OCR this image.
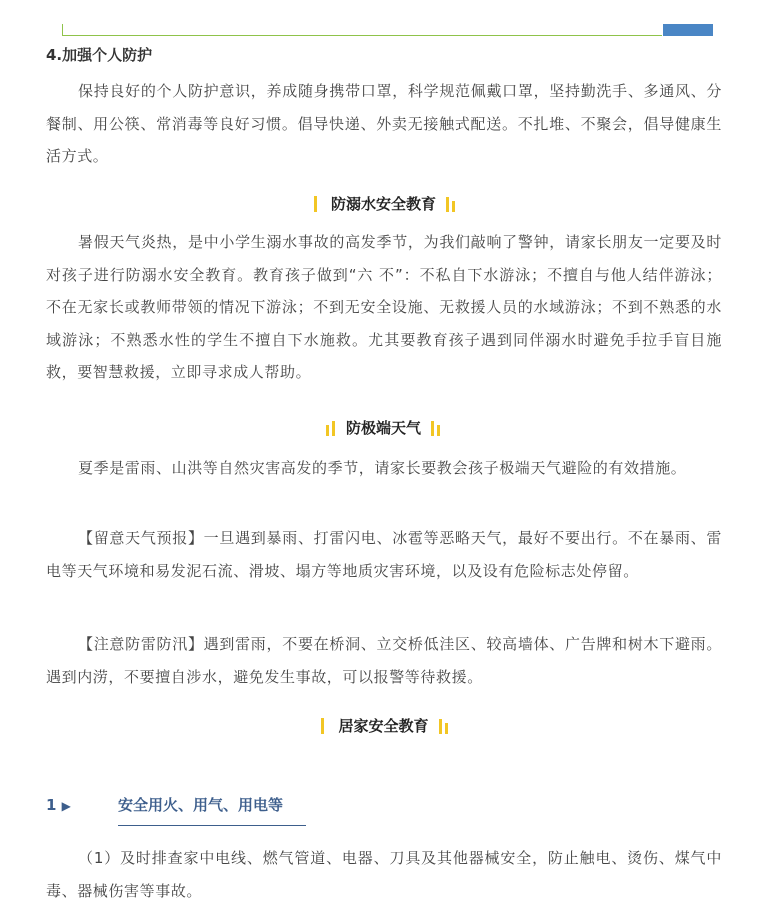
4.加强个人防护
保持良好的个人防护意识，养成随身携带口罩，科学规范佩戴口罩，坚持勤洗手、多通风、分餐制、用公筷、常消毒等良好习惯。倡导快递、外卖无接触式配送。不扎堆、不聚会，倡导健康生活方式。
防溺水安全教育
暑假天气炎热，是中小学生溺水事故的高发季节，为我们敲响了警钟，请家长朋友一定要及时对孩子进行防溺水安全教育。教育孩子做到“六 不”：不私自下水游泳；不擅自与他人结伴游泳；不在无家长或教师带领的情况下游泳；不到无安全设施、无救援人员的水域游泳；不到不熟悉的水域游泳；不熟悉水性的学生不擅自下水施救。尤其要教育孩子遇到同伴溺水时避免手拉手盲目施救，要智慧救援，立即寻求成人帮助。
防极端天气
夏季是雷雨、山洪等自然灾害高发的季节，请家长要教会孩子极端天气避险的有效措施。
【留意天气预报】一旦遇到暴雨、打雷闪电、冰雹等恶略天气，最好不要出行。不在暴雨、雷电等天气环境和易发泥石流、滑坡、塌方等地质灾害环境，以及设有危险标志处停留。
【注意防雷防汛】遇到雷雨，不要在桥洞、立交桥低洼区、较高墙体、广告牌和树木下避雨。遇到内涝，不要擅自涉水，避免发生事故，可以报警等待救援。
居家安全教育
1 ▶	安全用火、用气、用电等
（1）及时排查家中电线、燃气管道、电器、刀具及其他器械安全，防止触电、烫伤、煤气中毒、器械伤害等事故。
